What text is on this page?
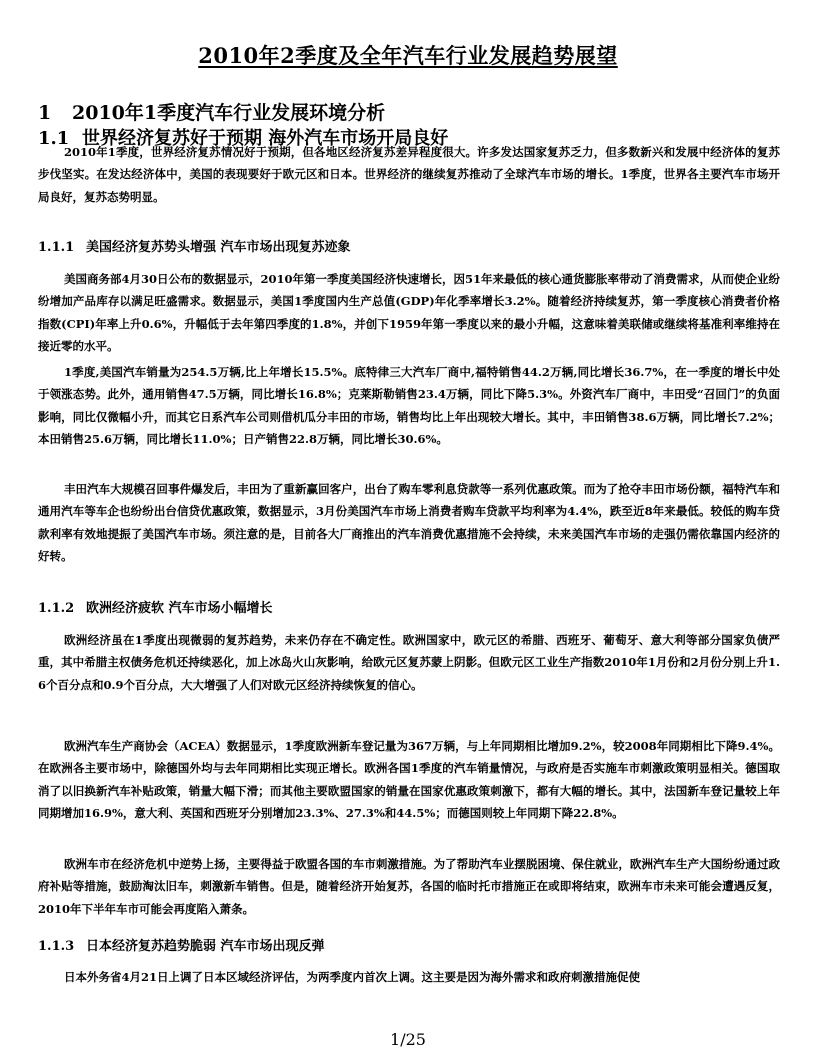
2010年2季度及全年汽车行业发展趋势展望
1 2010年1季度汽车行业发展环境分析
1.1 世界经济复苏好于预期 海外汽车市场开局良好

2010年1季度，世界经济复苏情况好于预期，但各地区经济复苏差异程度很大。许多发达国家复苏乏力，但多数新兴和发展中经济体的复苏步伐坚实。在发达经济体中，美国的表现要好于欧元区和日本。世界经济的继续复苏推动了全球汽车市场的增长。1季度，世界各主要汽车市场开局良好，复苏态势明显。

1.1.1 美国经济复苏势头增强 汽车市场出现复苏迹象

美国商务部4月30日公布的数据显示，2010年第一季度美国经济快速增长，因51年来最低的核心通货膨胀率带动了消费需求，从而使企业纷纷增加产品库存以满足旺盛需求。数据显示，美国1季度国内生产总值(GDP)年化季率增长3.2%。随着经济持续复苏，第一季度核心消费者价格指数(CPI)年率上升0.6%，升幅低于去年第四季度的1.8%，并创下1959年第一季度以来的最小升幅，这意味着美联储或继续将基准利率维持在接近零的水平。

1季度,美国汽车销量为254.5万辆,比上年增长15.5%。底特律三大汽车厂商中,福特销售44.2万辆,同比增长36.7%，在一季度的增长中处于领涨态势。此外，通用销售47.5万辆，同比增长16.8%；克莱斯勒销售23.4万辆，同比下降5.3%。外资汽车厂商中，丰田受“召回门”的负面影响，同比仅微幅小升，而其它日系汽车公司则借机瓜分丰田的市场，销售均比上年出现较大增长。其中，丰田销售38.6万辆，同比增长7.2%；本田销售25.6万辆，同比增长11.0%；日产销售22.8万辆，同比增长30.6%。

丰田汽车大规模召回事件爆发后，丰田为了重新赢回客户，出台了购车零利息贷款等一系列优惠政策。而为了抢夺丰田市场份额，福特汽车和通用汽车等车企也纷纷出台信贷优惠政策，数据显示，3月份美国汽车市场上消费者购车贷款平均利率为4.4%，跌至近8年来最低。较低的购车贷款利率有效地提振了美国汽车市场。须注意的是，目前各大厂商推出的汽车消费优惠措施不会持续，未来美国汽车市场的走强仍需依靠国内经济的好转。

1.1.2 欧洲经济疲软 汽车市场小幅增长

欧洲经济虽在1季度出现微弱的复苏趋势，未来仍存在不确定性。欧洲国家中，欧元区的希腊、西班牙、葡萄牙、意大利等部分国家负债严重，其中希腊主权债务危机还持续恶化，加上冰岛火山灰影响，给欧元区复苏蒙上阴影。但欧元区工业生产指数2010年1月份和2月份分别上升1.6个百分点和0.9个百分点，大大增强了人们对欧元区经济持续恢复的信心。

欧洲汽车生产商协会（ACEA）数据显示，1季度欧洲新车登记量为367万辆，与上年同期相比增加9.2%，较2008年同期相比下降9.4%。在欧洲各主要市场中，除德国外均与去年同期相比实现正增长。欧洲各国1季度的汽车销量情况，与政府是否实施车市刺激政策明显相关。德国取消了以旧换新汽车补贴政策，销量大幅下滑；而其他主要欧盟国家的销量在国家优惠政策刺激下，都有大幅的增长。其中，法国新车登记量较上年同期增加16.9%，意大利、英国和西班牙分别增加23.3%、27.3%和44.5%；而德国则较上年同期下降22.8%。

欧洲车市在经济危机中逆势上扬，主要得益于欧盟各国的车市刺激措施。为了帮助汽车业摆脱困境、保住就业，欧洲汽车生产大国纷纷通过政府补贴等措施，鼓励淘汰旧车，刺激新车销售。但是，随着经济开始复苏，各国的临时托市措施正在或即将结束，欧洲车市未来可能会遭遇反复，2010年下半年车市可能会再度陷入萧条。

1.1.3 日本经济复苏趋势脆弱 汽车市场出现反弹

日本外务省4月21日上调了日本区域经济评估，为两季度内首次上调。这主要是因为海外需求和政府刺激措施促使

1/25
